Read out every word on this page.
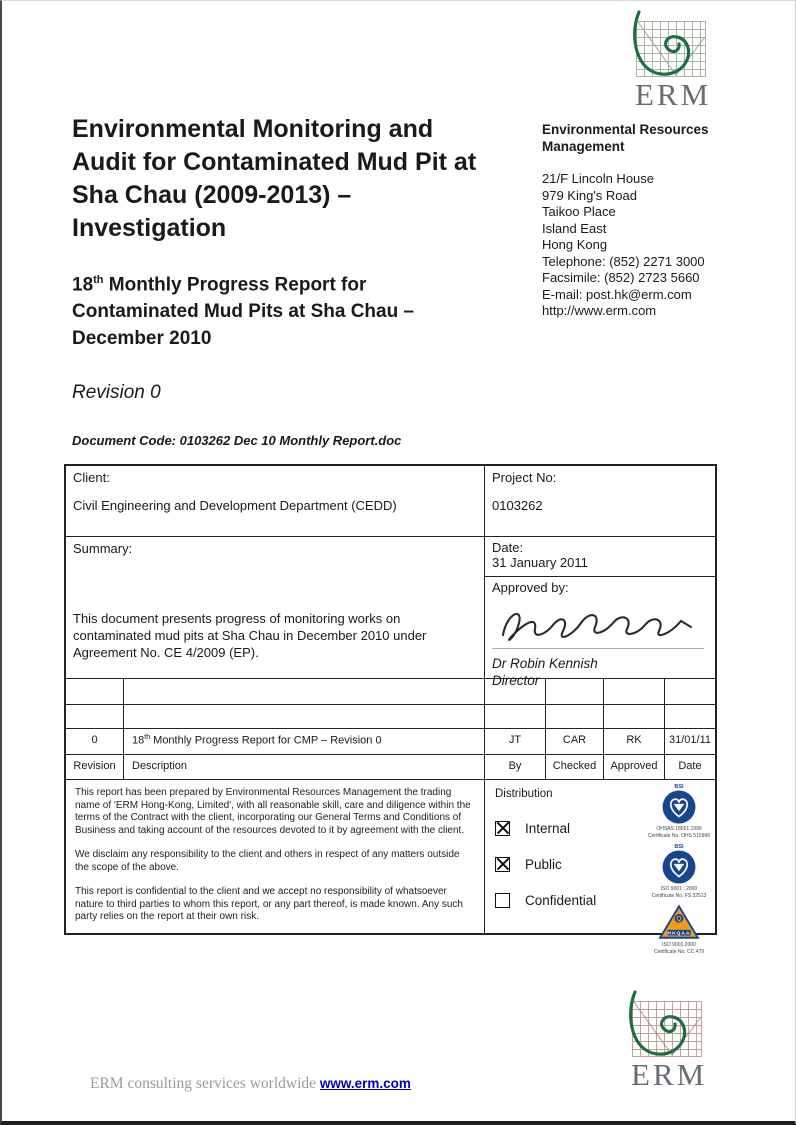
ERM
Environmental Monitoring and
Audit for Contaminated Mud Pit at
Sha Chau (2009-2013) –
Investigation
18th Monthly Progress Report for
Contaminated Mud Pits at Sha Chau –
December 2010
Revision 0
Document Code: 0103262 Dec 10 Monthly Report.doc
Environmental Resources
Management
21/F Lincoln House
979 King's Road
Taikoo Place
Island East
Hong Kong
Telephone: (852) 2271 3000
Facsimile: (852) 2723 5660
E-mail: post.hk@erm.com
http://www.erm.com
Client:
Civil Engineering and Development Department (CEDD)
Project No:
0103262
Summary:
This document presents progress of monitoring works on contaminated mud pits at Sha Chau in December 2010 under Agreement No. CE 4/2009 (EP).
Date:
31 January 2011
Approved by:
Dr Robin Kennish
Director
0	18th Monthly Progress Report for CMP – Revision 0	JT	CAR	RK	31/01/11
Revision	Description	By	Checked	Approved	Date

This report has been prepared by Environmental Resources Management the trading name of 'ERM Hong-Kong, Limited', with all reasonable skill, care and diligence within the terms of the Contract with the client, incorporating our General Terms and Conditions of Business and taking account of the resources devoted to it by agreement with the client.

We disclaim any responsibility to the client and others in respect of any matters outside the scope of the above.

This report is confidential to the client and we accept no responsibility of whatsoever nature to third parties to whom this report, or any part thereof, is made known. Any such party relies on the report at their own risk.

Distribution
Internal
Public
Confidential
BSI
OHSAS 18001:1999
Certificate No. OHS 515996
BSI
ISO 9001 : 2000
Certificate No. FS 32513
Q
HKQAA
ISO 9001:2000
Certificate No. CC 479
ERM
ERM consulting services worldwide www.erm.com
